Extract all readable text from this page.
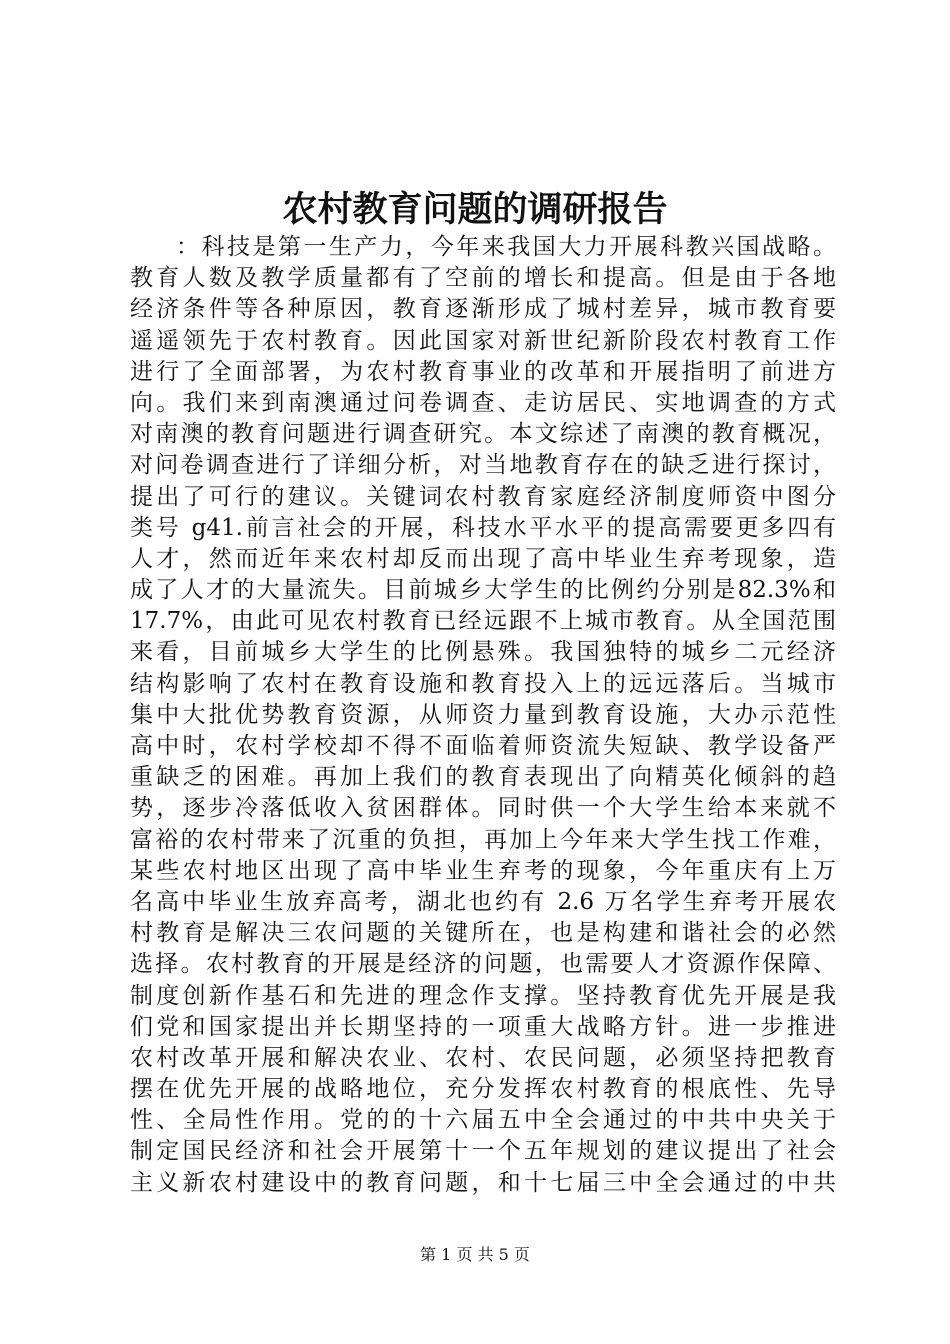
农村教育问题的调研报告
：科技是第一生产力，今年来我国大力开展科教兴国战略。
教育人数及教学质量都有了空前的增长和提高。但是由于各地
经济条件等各种原因，教育逐渐形成了城村差异，城市教育要
遥遥领先于农村教育。因此国家对新世纪新阶段农村教育工作
进行了全面部署，为农村教育事业的改革和开展指明了前进方
向。我们来到南澳通过问卷调查、走访居民、实地调查的方式
对南澳的教育问题进行调查研究。本文综述了南澳的教育概况，
对问卷调查进行了详细分析，对当地教育存在的缺乏进行探讨，
提出了可行的建议。关键词农村教育家庭经济制度师资中图分
类号 g41.前言社会的开展，科技水平水平的提高需要更多四有
人才，然而近年来农村却反而出现了高中毕业生弃考现象，造
成了人才的大量流失。目前城乡大学生的比例约分别是82.3%和
17.7%，由此可见农村教育已经远跟不上城市教育。从全国范围
来看，目前城乡大学生的比例悬殊。我国独特的城乡二元经济
结构影响了农村在教育设施和教育投入上的远远落后。当城市
集中大批优势教育资源，从师资力量到教育设施，大办示范性
高中时，农村学校却不得不面临着师资流失短缺、教学设备严
重缺乏的困难。再加上我们的教育表现出了向精英化倾斜的趋
势，逐步冷落低收入贫困群体。同时供一个大学生给本来就不
富裕的农村带来了沉重的负担，再加上今年来大学生找工作难，
某些农村地区出现了高中毕业生弃考的现象，今年重庆有上万
名高中毕业生放弃高考，湖北也约有 2.6 万名学生弃考开展农
村教育是解决三农问题的关键所在，也是构建和谐社会的必然
选择。农村教育的开展是经济的问题，也需要人才资源作保障、
制度创新作基石和先进的理念作支撑。坚持教育优先开展是我
们党和国家提出并长期坚持的一项重大战略方针。进一步推进
农村改革开展和解决农业、农村、农民问题，必须坚持把教育
摆在优先开展的战略地位，充分发挥农村教育的根底性、先导
性、全局性作用。党的的十六届五中全会通过的中共中央关于
制定国民经济和社会开展第十一个五年规划的建议提出了社会
主义新农村建设中的教育问题，和十七届三中全会通过的中共
第 1 页 共 5 页
